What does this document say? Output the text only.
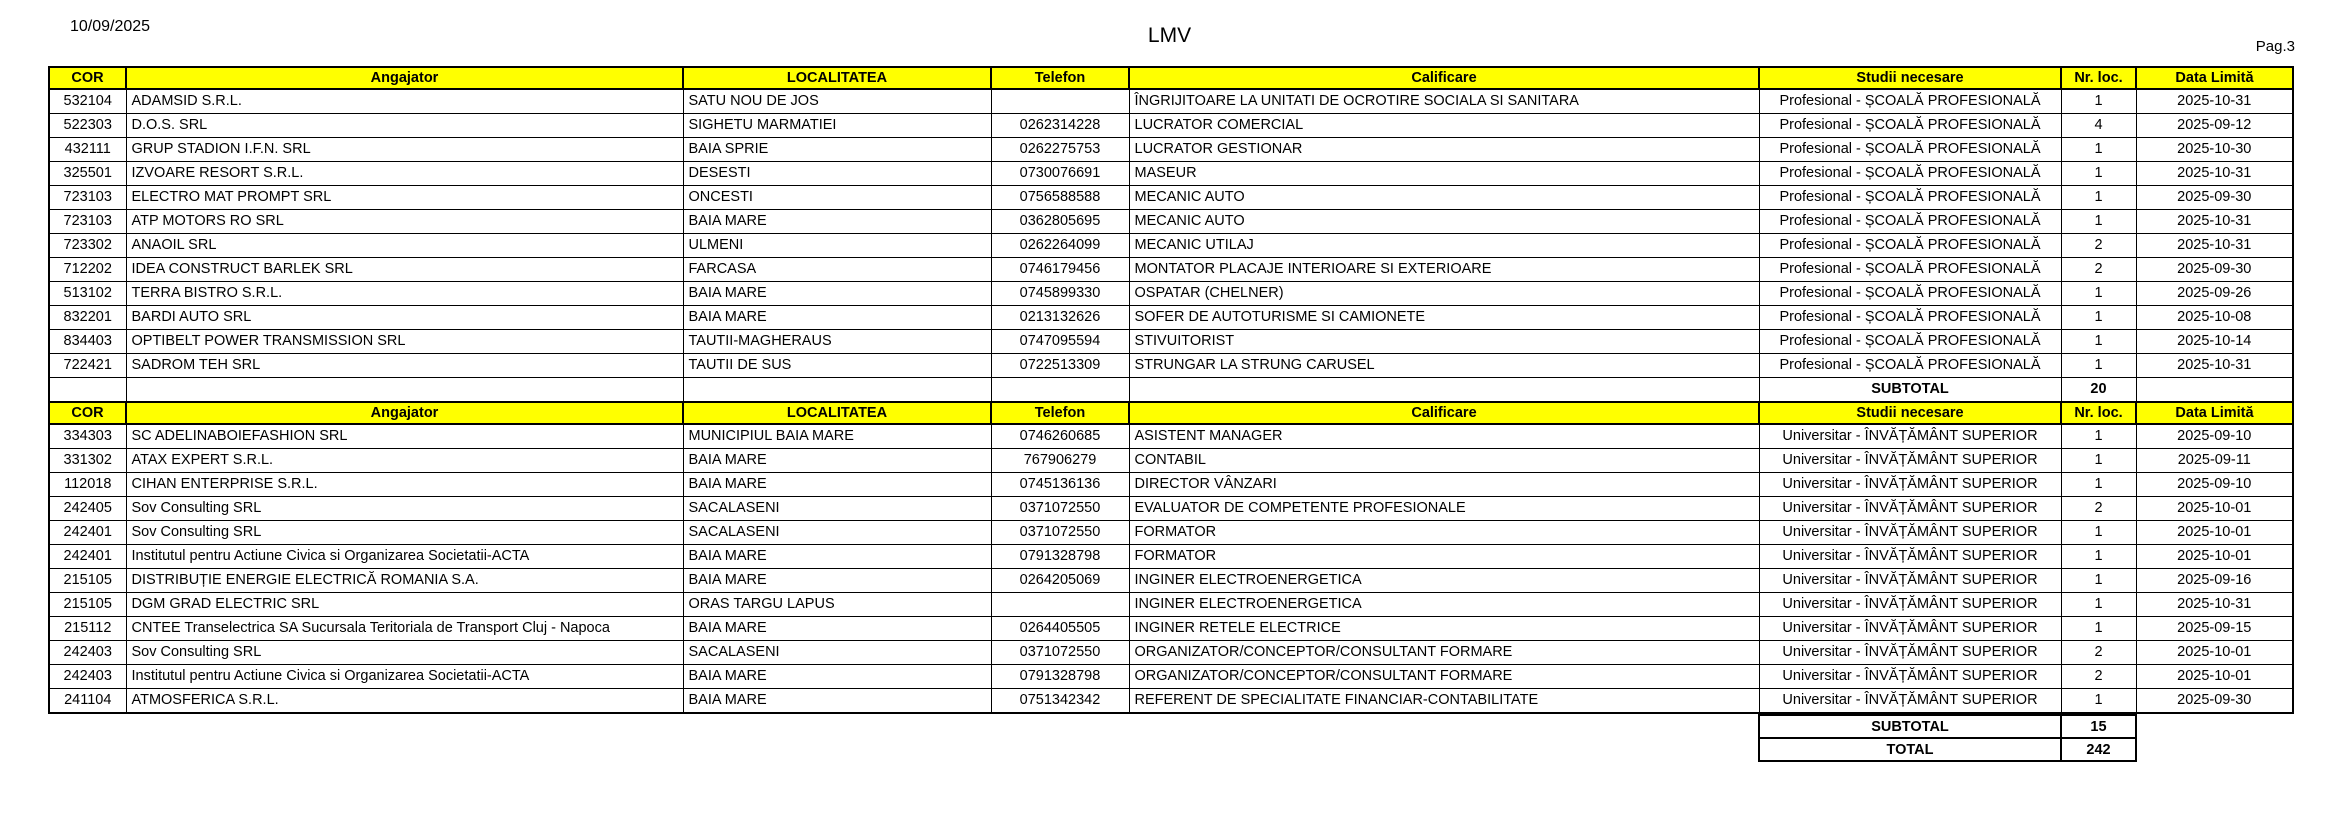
10/09/2025	LMV	Pag.3
COR	Angajator	LOCALITATEA	Telefon	Calificare	Studii necesare	Nr. loc.	Data Limită
532104	ADAMSID S.R.L.	SATU NOU DE JOS		ÎNGRIJITOARE LA UNITATI DE OCROTIRE SOCIALA SI SANITARA	Profesional - ȘCOALĂ PROFESIONALĂ	1	2025-10-31
522303	D.O.S. SRL	SIGHETU MARMATIEI	0262314228	LUCRATOR COMERCIAL	Profesional - ȘCOALĂ PROFESIONALĂ	4	2025-09-12
432111	GRUP STADION I.F.N. SRL	BAIA SPRIE	0262275753	LUCRATOR GESTIONAR	Profesional - ȘCOALĂ PROFESIONALĂ	1	2025-10-30
325501	IZVOARE RESORT S.R.L.	DESESTI	0730076691	MASEUR	Profesional - ȘCOALĂ PROFESIONALĂ	1	2025-10-31
723103	ELECTRO MAT PROMPT SRL	ONCESTI	0756588588	MECANIC AUTO	Profesional - ȘCOALĂ PROFESIONALĂ	1	2025-09-30
723103	ATP MOTORS RO SRL	BAIA MARE	0362805695	MECANIC AUTO	Profesional - ȘCOALĂ PROFESIONALĂ	1	2025-10-31
723302	ANAOIL SRL	ULMENI	0262264099	MECANIC UTILAJ	Profesional - ȘCOALĂ PROFESIONALĂ	2	2025-10-31
712202	IDEA CONSTRUCT BARLEK SRL	FARCASA	0746179456	MONTATOR PLACAJE INTERIOARE SI EXTERIOARE	Profesional - ȘCOALĂ PROFESIONALĂ	2	2025-09-30
513102	TERRA BISTRO S.R.L.	BAIA MARE	0745899330	OSPATAR (CHELNER)	Profesional - ȘCOALĂ PROFESIONALĂ	1	2025-09-26
832201	BARDI AUTO SRL	BAIA MARE	0213132626	SOFER DE AUTOTURISME SI CAMIONETE	Profesional - ȘCOALĂ PROFESIONALĂ	1	2025-10-08
834403	OPTIBELT POWER TRANSMISSION SRL	TAUTII-MAGHERAUS	0747095594	STIVUITORIST	Profesional - ȘCOALĂ PROFESIONALĂ	1	2025-10-14
722421	SADROM TEH SRL	TAUTII DE SUS	0722513309	STRUNGAR LA STRUNG CARUSEL	Profesional - ȘCOALĂ PROFESIONALĂ	1	2025-10-31
					SUBTOTAL	20	
COR	Angajator	LOCALITATEA	Telefon	Calificare	Studii necesare	Nr. loc.	Data Limită
334303	SC ADELINABOIEFASHION SRL	MUNICIPIUL BAIA MARE	0746260685	ASISTENT MANAGER	Universitar - ÎNVĂȚĂMÂNT SUPERIOR	1	2025-09-10
331302	ATAX EXPERT S.R.L.	BAIA MARE	767906279	CONTABIL	Universitar - ÎNVĂȚĂMÂNT SUPERIOR	1	2025-09-11
112018	CIHAN ENTERPRISE S.R.L.	BAIA MARE	0745136136	DIRECTOR VÂNZARI	Universitar - ÎNVĂȚĂMÂNT SUPERIOR	1	2025-09-10
242405	Sov Consulting SRL	SACALASENI	0371072550	EVALUATOR DE COMPETENTE PROFESIONALE	Universitar - ÎNVĂȚĂMÂNT SUPERIOR	2	2025-10-01
242401	Sov Consulting SRL	SACALASENI	0371072550	FORMATOR	Universitar - ÎNVĂȚĂMÂNT SUPERIOR	1	2025-10-01
242401	Institutul pentru Actiune Civica si Organizarea Societatii-ACTA	BAIA MARE	0791328798	FORMATOR	Universitar - ÎNVĂȚĂMÂNT SUPERIOR	1	2025-10-01
215105	DISTRIBUȚIE ENERGIE ELECTRICĂ ROMANIA S.A.	BAIA MARE	0264205069	INGINER ELECTROENERGETICA	Universitar - ÎNVĂȚĂMÂNT SUPERIOR	1	2025-09-16
215105	DGM GRAD ELECTRIC SRL	ORAS TARGU LAPUS		INGINER ELECTROENERGETICA	Universitar - ÎNVĂȚĂMÂNT SUPERIOR	1	2025-10-31
215112	CNTEE Transelectrica SA Sucursala Teritoriala de Transport Cluj - Napoca	BAIA MARE	0264405505	INGINER RETELE ELECTRICE	Universitar - ÎNVĂȚĂMÂNT SUPERIOR	1	2025-09-15
242403	Sov Consulting SRL	SACALASENI	0371072550	ORGANIZATOR/CONCEPTOR/CONSULTANT FORMARE	Universitar - ÎNVĂȚĂMÂNT SUPERIOR	2	2025-10-01
242403	Institutul pentru Actiune Civica si Organizarea Societatii-ACTA	BAIA MARE	0791328798	ORGANIZATOR/CONCEPTOR/CONSULTANT FORMARE	Universitar - ÎNVĂȚĂMÂNT SUPERIOR	2	2025-10-01
241104	ATMOSFERICA S.R.L.	BAIA MARE	0751342342	REFERENT DE SPECIALITATE FINANCIAR-CONTABILITATE	Universitar - ÎNVĂȚĂMÂNT SUPERIOR	1	2025-09-30
SUBTOTAL	15
TOTAL	242
